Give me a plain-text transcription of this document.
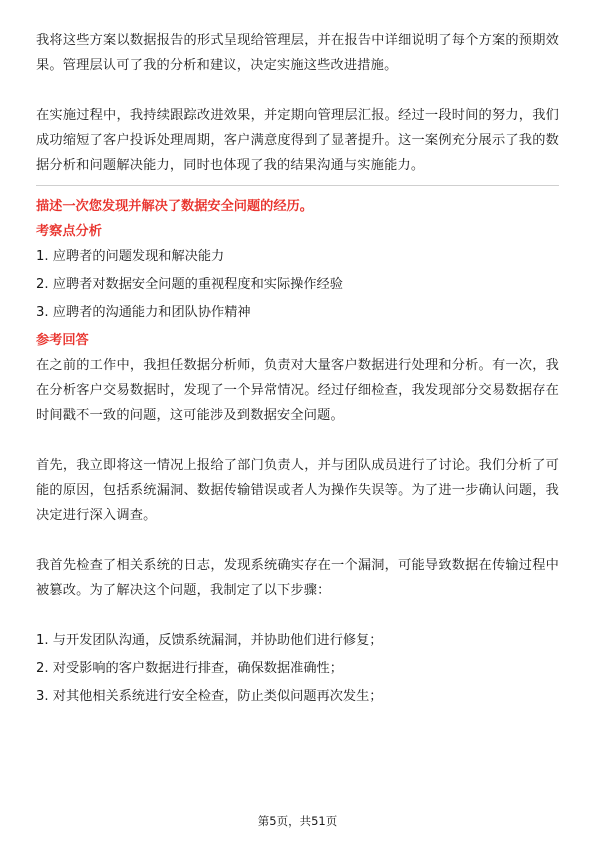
我将这些方案以数据报告的形式呈现给管理层，并在报告中详细说明了每个方案的预期效果。管理层认可了我的分析和建议，决定实施这些改进措施。

在实施过程中，我持续跟踪改进效果，并定期向管理层汇报。经过一段时间的努力，我们成功缩短了客户投诉处理周期，客户满意度得到了显著提升。这一案例充分展示了我的数据分析和问题解决能力，同时也体现了我的结果沟通与实施能力。

描述一次您发现并解决了数据安全问题的经历。

考察点分析

1. 应聘者的问题发现和解决能力

2. 应聘者对数据安全问题的重视程度和实际操作经验

3. 应聘者的沟通能力和团队协作精神

参考回答

在之前的工作中，我担任数据分析师，负责对大量客户数据进行处理和分析。有一次，我在分析客户交易数据时，发现了一个异常情况。经过仔细检查，我发现部分交易数据存在时间戳不一致的问题，这可能涉及到数据安全问题。

首先，我立即将这一情况上报给了部门负责人，并与团队成员进行了讨论。我们分析了可能的原因，包括系统漏洞、数据传输错误或者人为操作失误等。为了进一步确认问题，我决定进行深入调查。

我首先检查了相关系统的日志，发现系统确实存在一个漏洞，可能导致数据在传输过程中被篡改。为了解决这个问题，我制定了以下步骤：

1. 与开发团队沟通，反馈系统漏洞，并协助他们进行修复；

2. 对受影响的客户数据进行排查，确保数据准确性；

3. 对其他相关系统进行安全检查，防止类似问题再次发生；

第5页，共51页
